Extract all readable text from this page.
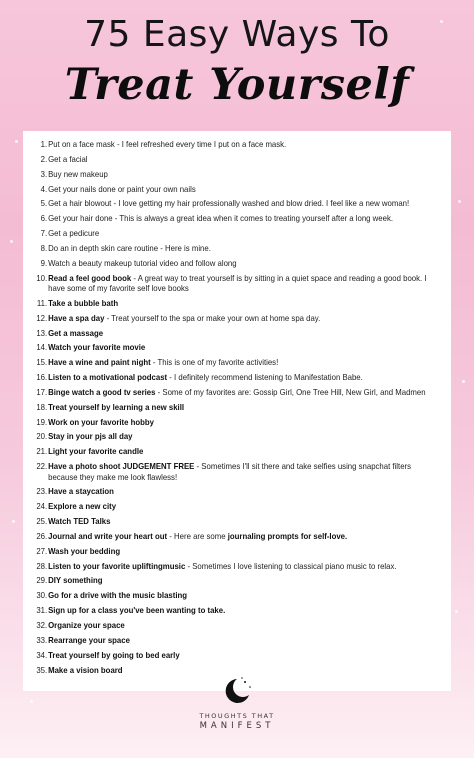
75 Easy Ways To
Treat Yourself
1. Put on a face mask - I feel refreshed every time I put on a face mask.
2. Get a facial
3. Buy new makeup
4. Get your nails done or paint your own nails
5. Get a hair blowout - I love getting my hair professionally washed and blow dried. I feel like a new woman!
6. Get your hair done - This is always a great idea when it comes to treating yourself after a long week.
7. Get a pedicure
8. Do an in depth skin care routine - Here is mine.
9. Watch a beauty makeup tutorial video and follow along
10. Read a feel good book - A great way to treat yourself is by sitting in a quiet space and reading a good book. I have some of my favorite self love books
11. Take a bubble bath
12. Have a spa day - Treat yourself to the spa or make your own at home spa day.
13. Get a massage
14. Watch your favorite movie
15. Have a wine and paint night - This is one of my favorite activities!
16. Listen to a motivational podcast - I definitely recommend listening to Manifestation Babe.
17. Binge watch a good tv series - Some of my favorites are: Gossip Girl, One Tree Hill, New Girl, and Madmen
18. Treat yourself by learning a new skill
19. Work on your favorite hobby
20. Stay in your pjs all day
21. Light your favorite candle
22. Have a photo shoot JUDGEMENT FREE - Sometimes I'll sit there and take selfies using snapchat filters because they make me look flawless!
23. Have a staycation
24. Explore a new city
25. Watch TED Talks
26. Journal and write your heart out - Here are some journaling prompts for self-love.
27. Wash your bedding
28. Listen to your favorite upliftingmusic - Sometimes I love listening to classical piano music to relax.
29. DIY something
30. Go for a drive with the music blasting
31. Sign up for a class you've been wanting to take.
32. Organize your space
33. Rearrange your space
34. Treat yourself by going to bed early
35. Make a vision board
THOUGHTS THAT
MANIFEST
